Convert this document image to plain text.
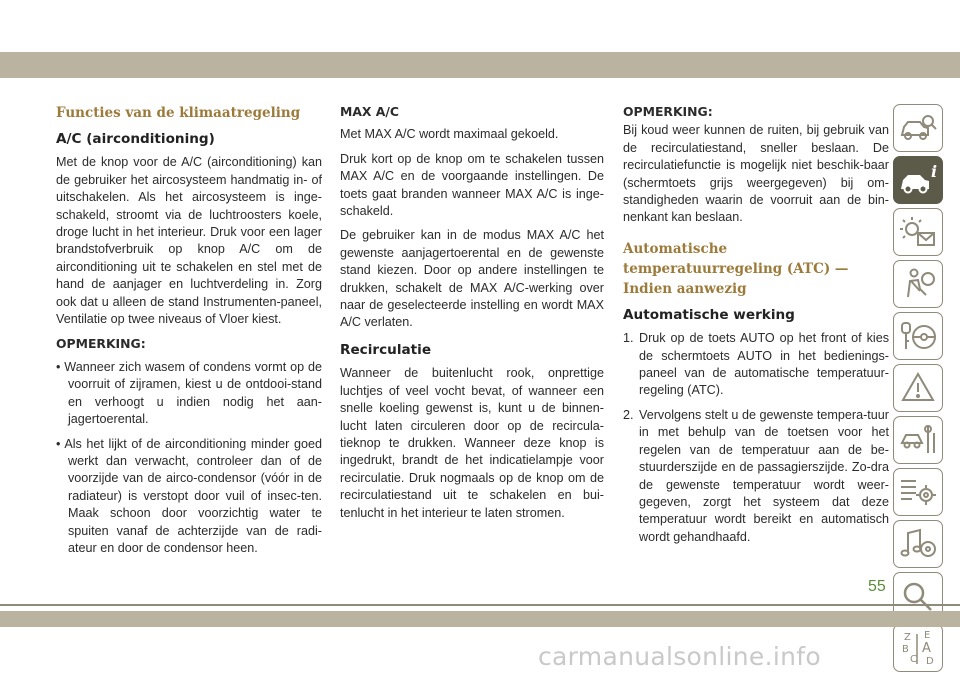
Functies van de klimaatregeling
A/C (airconditioning)

Met de knop voor de A/C (airconditioning) kan de gebruiker het aircosysteem handmatig in- of uitschakelen. Als het aircosysteem is inge-schakeld, stroomt via de luchtroosters koele, droge lucht in het interieur. Druk voor een lager brandstofverbruik op knop A/C om de airconditioning uit te schakelen en stel met de hand de aanjager en luchtverdeling in. Zorg ook dat u alleen de stand Instrumenten-paneel, Ventilatie op twee niveaus of Vloer kiest.

OPMERKING:

• Wanneer zich wasem of condens vormt op de voorruit of zijramen, kiest u de ontdooi-stand en verhoogt u indien nodig het aan-jagertoerental.

• Als het lijkt of de airconditioning minder goed werkt dan verwacht, controleer dan of de voorzijde van de airco-condensor (vóór in de radiateur) is verstopt door vuil of insec-ten. Maak schoon door voorzichtig water te spuiten vanaf de achterzijde van de radi-ateur en door de condensor heen.

MAX A/C

Met MAX A/C wordt maximaal gekoeld.

Druk kort op de knop om te schakelen tussen MAX A/C en de voorgaande instellingen. De toets gaat branden wanneer MAX A/C is inge-schakeld.

De gebruiker kan in de modus MAX A/C het gewenste aanjagertoerental en de gewenste stand kiezen. Door op andere instellingen te drukken, schakelt de MAX A/C-werking over naar de geselecteerde instelling en wordt MAX A/C verlaten.

Recirculatie

Wanneer de buitenlucht rook, onprettige luchtjes of veel vocht bevat, of wanneer een snelle koeling gewenst is, kunt u de binnen-lucht laten circuleren door op de recircula-tieknop te drukken. Wanneer deze knop is ingedrukt, brandt de het indicatielampje voor recirculatie. Druk nogmaals op de knop om de recirculatiestand uit te schakelen en bui-tenlucht in het interieur te laten stromen.

OPMERKING:

Bij koud weer kunnen de ruiten, bij gebruik van de recirculatiestand, sneller beslaan. De recirculatiefunctie is mogelijk niet beschik-baar (schermtoets grijs weergegeven) bij om-standigheden waarin de voorruit aan de bin-nenkant kan beslaan.

Automatische temperatuurregeling (ATC) — Indien aanwezig
Automatische werking
1. Druk op de toets AUTO op het front of kies de schermtoets AUTO in het bedienings-paneel van de automatische temperatuur-regeling (ATC).
2. Vervolgens stelt u de gewenste tempera-tuur in met behulp van de toetsen voor het regelen van de temperatuur aan de be-stuurderszijde en de passagierszijde. Zo-dra de gewenste temperatuur wordt weer-gegeven, zorgt het systeem dat deze temperatuur wordt bereikt en automatisch wordt gehandhaafd.
i
Z E
B A
C D
55
carmanualsonline.info
